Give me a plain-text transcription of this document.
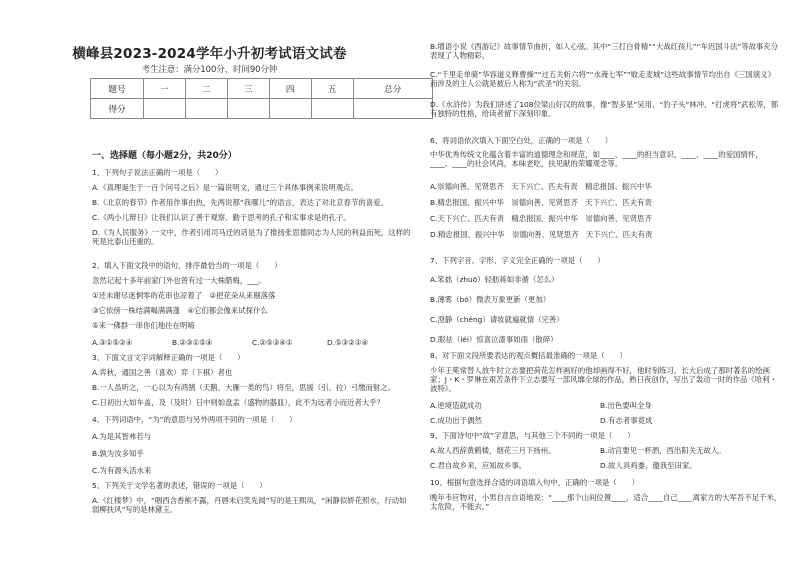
横峰县2023-2024学年小升初考试语文试卷
考生注意：满分100分，时间90分钟
题号	一	二	三	四	五	总分
得分						
一、选择题（每小题2分，共20分）
1、下列句子说法正确的一项是（　　）
A.《真理诞生于一百个问号之后》是一篇说明文，通过三个具体事例来说明观点。
B.《北京的春节》作者用作事由热，先两说都“我哪儿”的语言，表达了对北京春节的喜爱。
C.《两小儿辩日》让我们认识了善于观察、勤于思考的孔子和实事求是的孔子。
D.《为人民服务》一文中，作者引用司马迁的话是为了推扬张思德同志为人民的利益而死，这样的死是比泰山还重的。
2、填入下面文段中的语句，排序最恰当的一项是（　　）
忽然记起十多年前家门外也曾有过一大株腊梅，___。
①还未谢尽迷惘零的花串也凉着了　②把花朵从来剔落落
③它依傍一株结满喝满满蓬　④它们都会像来试探什么
⑤来一佛群一串你们地往在明唷
A.③①⑤②④	B.②③①⑤④	C.②⑤③④①	D.⑤③②①④
3、下面文言文字词解释正确的一项是（　　）
A.弈秋，通国之善（喜欢）弈（下棋）者也
B.一人虽听之，一心以为有鸿鹄（天鹅、大雁一类的鸟）将至，思援（引、拉）弓缴而射之。
C.日初出大如车盖，及（及时）日中则如盘盂（盛物的器皿），此不为远者小而近者大乎？
4、下列词语中，“为”的意思与另外两项不同的一项是（　　）
A.为是其智弗若与
B.孰为汝多知乎
C.为有源头活水来
5、下列关于文学名著的表述，错误的一项是（　　）
A.《红楼梦》中，“咽西含香熊不露，丹唇未启笑先闻”写的是王熙凤，“闲静似娇花照水，行动如弱柳扶风”写的是林黛玉。
B.增语小说《西游记》故事情节曲折，如人心弦。其中“三打白骨精”“大战红孩儿”“车迟国斗法”等故事充分表现了人物精彩。
C.“千里走单骑”华容道义释曹操”“过五关斩六将”“水淹七军”“败走麦城”这些故事情节均出自《三国演义》而涉及的主人公就是被后人称为“武圣”的关羽。
D.《水浒传》为我们讲述了108位梁山好汉的故事，像“智多星”吴用、“豹子头”林冲、“打虎将”武松等，都有独特的性格，给读者留下深刻印象。
6、将词语依次填入下面空白处，正确的一项是（　　）
中华优秀传统文化蕴含着丰富的道德理念和规范，如____、____的担当意识，____、____的爱国情怀，____、____的社会风尚，本味老吃，扶见献的荣耀观念等。
A.崇德向善、见贤思齐　天下兴亡、匹夫有责　精忠报国、振兴中华
B.精忠报国、振兴中华　崇德向善、见贤思齐　天下兴亡、匹夫有责
C.天下兴亡、匹夫有责　精忠报国、振兴中华　崇德向善、见贤思齐
D.精忠报国、振兴中华　崇德向善、见贤思齐　天下兴亡、匹夫有责
7、下列字音、字形、字义完全正确的一项是（　　）
A.笨拙（zhuō）轻舫蒋如非循（怎么）
B.薄雾（bó）微表万象更新（更加）
C.澄静（chéng）请妆就遍就情（完善）
D.眼祛（léi）惊喜泣漆事如雨（散碎）
8、对下面文段所要表达的观点概括最准确的一项是（　　）
少年王冕常替人放牛时立志要把荷花怎样画好的他却画得不好，他时刻练习，长大后成了那时著名的绘画家；J・K・罗琳在艰苦条件下立志要写一部风靡全球的作品，熟日夜创作，写出了轰动一时的作品《哈利・波特》。
A.逆境造就成功	B.出色要叫全身
C.成功出于偶然	D.有志者事竟成
9、下面诗句中“故”字意思，与其他三个不同的一项是（　　）
A.故人西辞黄鹤楼，烟花三月下扬州。	B.动宫要见一杯酒，西出阳关无故人。
C.君自故乡来，应知故乡事。	D.故人具鸡黍，邀我至田家。
10、根据句意选择合适的词语填入句中，正确的一项是（　　）
晚年韦应物对，小男自言自语地说：“____那个山间位置____，适合____自己____离家方的大军吾不足千米，太危险，不能去。”
